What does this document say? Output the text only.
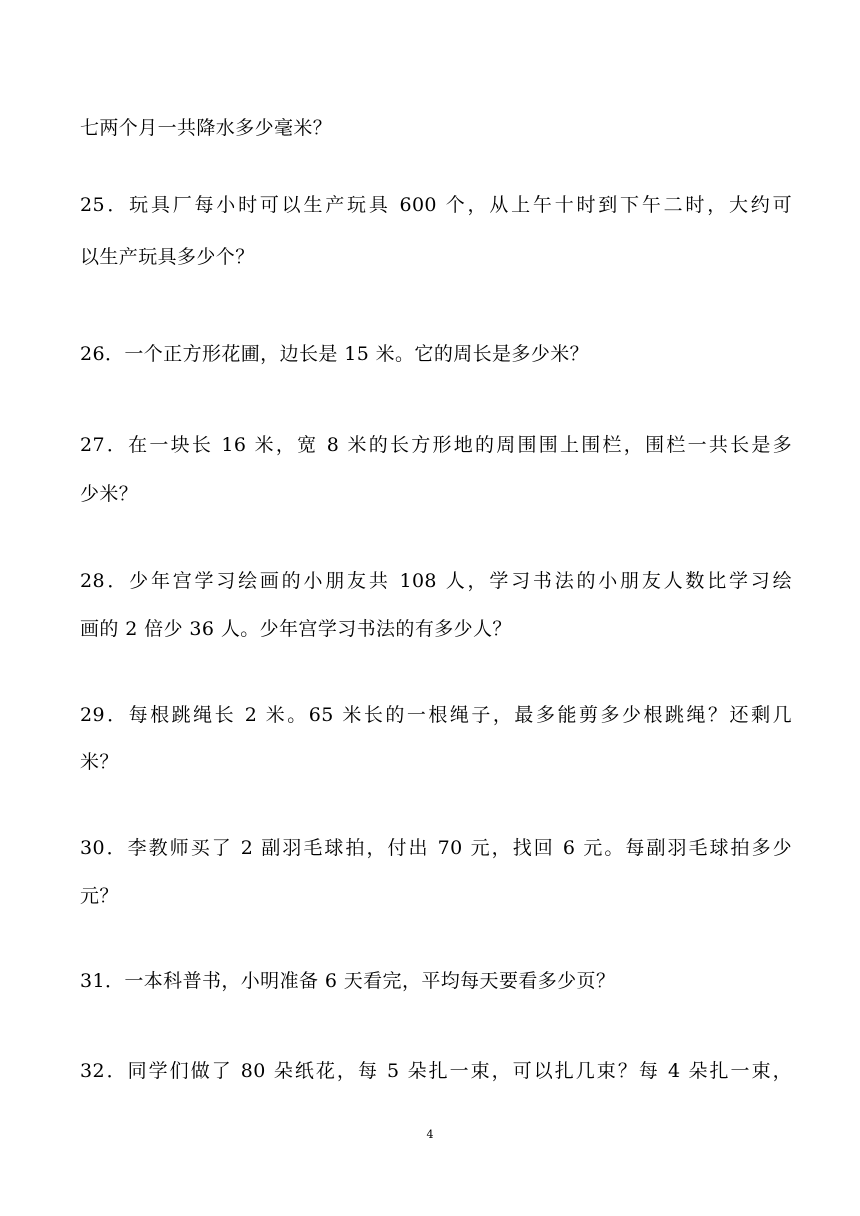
七两个月一共降水多少毫米？
25．玩具厂每小时可以生产玩具 600 个，从上午十时到下午二时，大约可
以生产玩具多少个？
26．一个正方形花圃，边长是 15 米。它的周长是多少米？
27．在一块长 16 米，宽 8 米的长方形地的周围围上围栏，围栏一共长是多
少米？
28．少年宫学习绘画的小朋友共 108 人，学习书法的小朋友人数比学习绘
画的 2 倍少 36 人。少年宫学习书法的有多少人？
29．每根跳绳长 2 米。65 米长的一根绳子，最多能剪多少根跳绳？还剩几
米？
30．李教师买了 2 副羽毛球拍，付出 70 元，找回 6 元。每副羽毛球拍多少
元？
31．一本科普书，小明准备 6 天看完，平均每天要看多少页？
32．同学们做了 80 朵纸花，每 5 朵扎一束，可以扎几束？每 4 朵扎一束，
4
